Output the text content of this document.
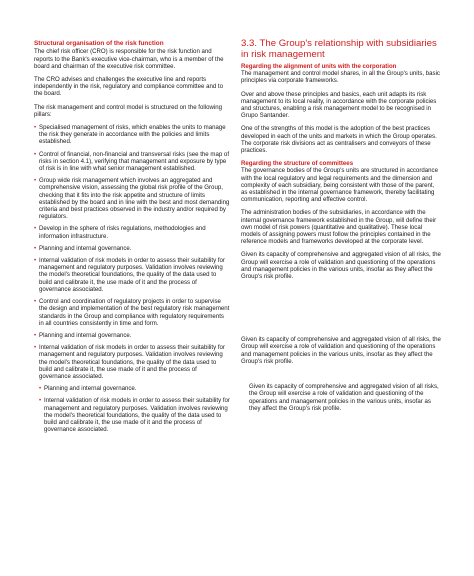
Structural organisation of the risk function

The chief risk officer (CRO) is responsible for the risk function and reports to the Bank's executive vice-chairman, who is a member of the board and chairman of the executive risk committee.

The CRO advises and challenges the executive line and reports independently in the risk, regulatory and compliance committee and to the board.

The risk management and control model is structured on the following pillars:

• Specialised management of risks, which enables the units to manage the risk they generate in accordance with the policies and limits established.
• Control of financial, non-financial and transversal risks (see the map of risks in section 4.1), verifying that management and exposure by type of risk is in line with what senior management established.
• Group wide risk management which involves an aggregated and comprehensive vision, assessing the global risk profile of the Group, checking that it fits into the risk appetite and structure of limits established by the board and in line with the best and most demanding criteria and best practices observed in the industry and/or required by regulators.
• Develop in the sphere of risks regulations, methodologies and information infrastructure.
• Planning and internal governance.
• Internal validation of risk models in order to assess their suitability for management and regulatory purposes. Validation involves reviewing the model's theoretical foundations, the quality of the data used to build and calibrate it, the use made of it and the process of governance associated.
• Control and coordination of regulatory projects in order to supervise the design and implementation of the best regulatory risk management standards in the Group and compliance with regulatory requirements in all countries consistently in time and form.
• Planning and internal governance.
• Internal validation of risk models in order to assess their suitability for management and regulatory purposes. Validation involves reviewing the model's theoretical foundations, the quality of the data used to build and calibrate it, the use made of it and the process of governance associated.
• Planning and internal governance.
• Internal validation of risk models in order to assess their suitability for management and regulatory purposes. Validation involves reviewing the model's theoretical foundations, the quality of the data used to build and calibrate it, the use made of it and the process of governance associated.
3.3. The Group's relationship with subsidiaries in risk management

Regarding the alignment of units with the corporation

The management and control model shares, in all the Group's units, basic principles via corporate frameworks.

Over and above these principles and basics, each unit adapts its risk management to its local reality, in accordance with the corporate policies and structures, enabling a risk management model to be recognised in Grupo Santander.

One of the strengths of this model is the adoption of the best practices developed in each of the units and markets in which the Group operates. The corporate risk divisions act as centralisers and conveyors of these practices.

Regarding the structure of committees

The governance bodies of the Group's units are structured in accordance with the local regulatory and legal requirements and the dimension and complexity of each subsidiary, being consistent with those of the parent, as established in the internal governance framework, thereby facilitating communication, reporting and effective control.

The administration bodies of the subsidiaries, in accordance with the internal governance framework established in the Group, will define their own model of risk powers (quantitative and qualitative). These local models of assigning powers must follow the principles contained in the reference models and frameworks developed at the corporate level.

Given its capacity of comprehensive and aggregated vision of all risks, the Group will exercise a role of validation and questioning of the operations and management policies in the various units, insofar as they affect the Group's risk profile.

Given its capacity of comprehensive and aggregated vision of all risks, the Group will exercise a role of validation and questioning of the operations and management policies in the various units, insofar as they affect the Group's risk profile.

Given its capacity of comprehensive and aggregated vision of all risks, the Group will exercise a role of validation and questioning of the operations and management policies in the various units, insofar as they affect the Group's risk profile.
